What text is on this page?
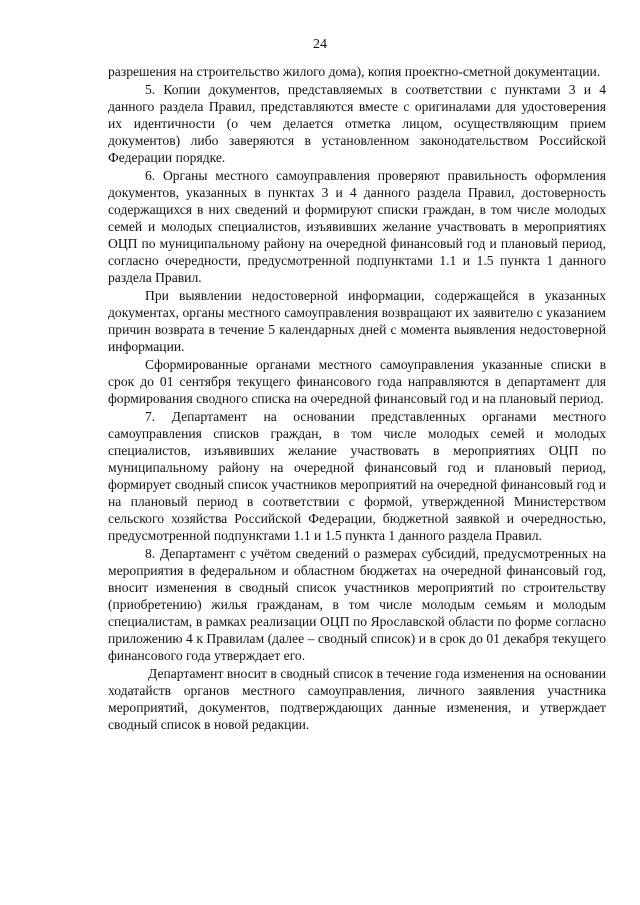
24

разрешения на строительство жилого дома), копия проектно-сметной документации.

5. Копии документов, представляемых в соответствии с пунктами 3 и 4 данного раздела Правил, представляются вместе с оригиналами для удостоверения их идентичности (о чем делается отметка лицом, осуществляющим прием документов) либо заверяются в установленном законодательством Российской Федерации порядке.

6. Органы местного самоуправления проверяют правильность оформления документов, указанных в пунктах 3 и 4 данного раздела Правил, достоверность содержащихся в них сведений и формируют списки граждан, в том числе молодых семей и молодых специалистов, изъявивших желание участвовать в мероприятиях ОЦП по муниципальному району на очередной финансовый год и плановый период, согласно очередности, предусмотренной подпунктами 1.1 и 1.5 пункта 1 данного раздела Правил.

При выявлении недостоверной информации, содержащейся в указанных документах, органы местного самоуправления возвращают их заявителю с указанием причин возврата в течение 5 календарных дней с момента выявления недостоверной информации.

Сформированные органами местного самоуправления указанные списки в срок до 01 сентября текущего финансового года направляются в департамент для формирования сводного списка на очередной финансовый год и на плановый период.

7. Департамент на основании представленных органами местного самоуправления списков граждан, в том числе молодых семей и молодых специалистов, изъявивших желание участвовать в мероприятиях ОЦП по муниципальному району на очередной финансовый год и плановый период, формирует сводный список участников мероприятий на очередной финансовый год и на плановый период в соответствии с формой, утвержденной Министерством сельского хозяйства Российской Федерации, бюджетной заявкой и очередностью, предусмотренной подпунктами 1.1 и 1.5 пункта 1 данного раздела Правил.

8. Департамент с учётом сведений о размерах субсидий, предусмотренных на мероприятия в федеральном и областном бюджетах на очередной финансовый год, вносит изменения в сводный список участников мероприятий по строительству (приобретению) жилья гражданам, в том числе молодым семьям и молодым специалистам, в рамках реализации ОЦП по Ярославской области по форме согласно приложению 4 к Правилам (далее – сводный список) и в срок до 01 декабря текущего финансового года утверждает его.

Департамент вносит в сводный список в течение года изменения на основании ходатайств органов местного самоуправления, личного заявления участника мероприятий, документов, подтверждающих данные изменения, и утверждает сводный список в новой редакции.
